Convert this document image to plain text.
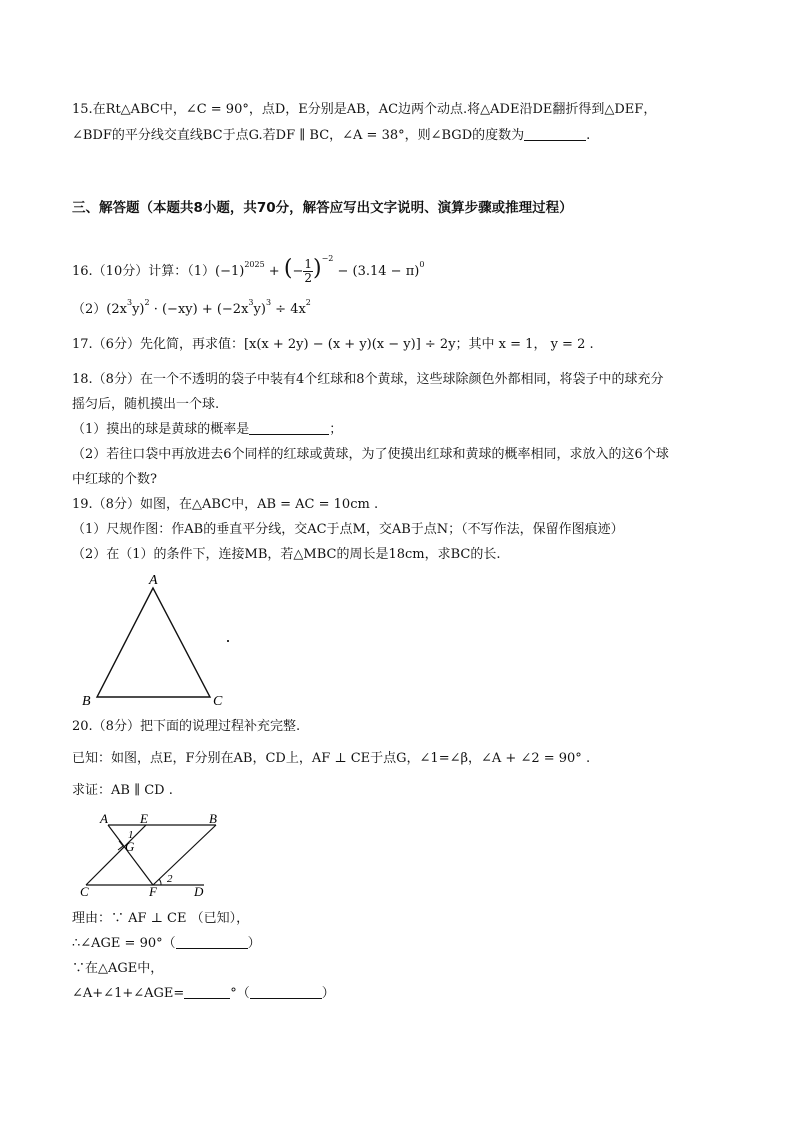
15.在Rt△ABC中，∠C = 90°，点D，E分别是AB，AC边两个动点.将△ADE沿DE翻折得到△DEF，
∠BDF的平分线交直线BC于点G.若DF ∥ BC，∠A = 38°，则∠BGD的度数为	.
三、解答题（本题共8小题，共70分，解答应写出文字说明、演算步骤或推理过程）
16.（10分）计算：$(1)(-1)^{2025}$ + (− $\frac{1}{2} )^{-2} - (3.14 - \pi)^0$
$(2)(2x^3y)^2 \cdot (-xy) + (-2x^3y)^3 \div 4x^2$
17.（6分）先化简，再求值：[x(x + 2y) − (x + y)(x − y)] ÷ 2y；其中 x = 1， y = 2 .
18.（8分）在一个不透明的袋子中装有4个红球和8个黄球，这些球除颜色外都相同，将袋子中的球充分
摇匀后，随机摸出一个球.
（1）摸出的球是黄球的概率是	；
（2）若往口袋中再放进去6个同样的红球或黄球，为了使摸出红球和黄球的概率相同，求放入的这6个球
中红球的个数?
19.（8分）如图，在△ABC中，AB = AC = 10cm .
（1）尺规作图：作AB的垂直平分线，交AC于点M，交AB于点N；（不写作法，保留作图痕迹）
（2）在（1）的条件下，连接MB，若△MBC的周长是18cm，求BC的长.
A
B	C
20.（8分）把下面的说理过程补充完整.
已知：如图，点E，F分别在AB，CD上，AF ⊥ CE于点G，∠1=∠β，∠A + ∠2 = 90° .
求证：AB ∥ CD .
A E	B
1
G
C	F
2
D
理由：∵ AF ⊥ CE （已知），
∴∠AGE = 90°（	）
∵在△AGE中，
∠A+∠1+∠AGE=	°（	）
